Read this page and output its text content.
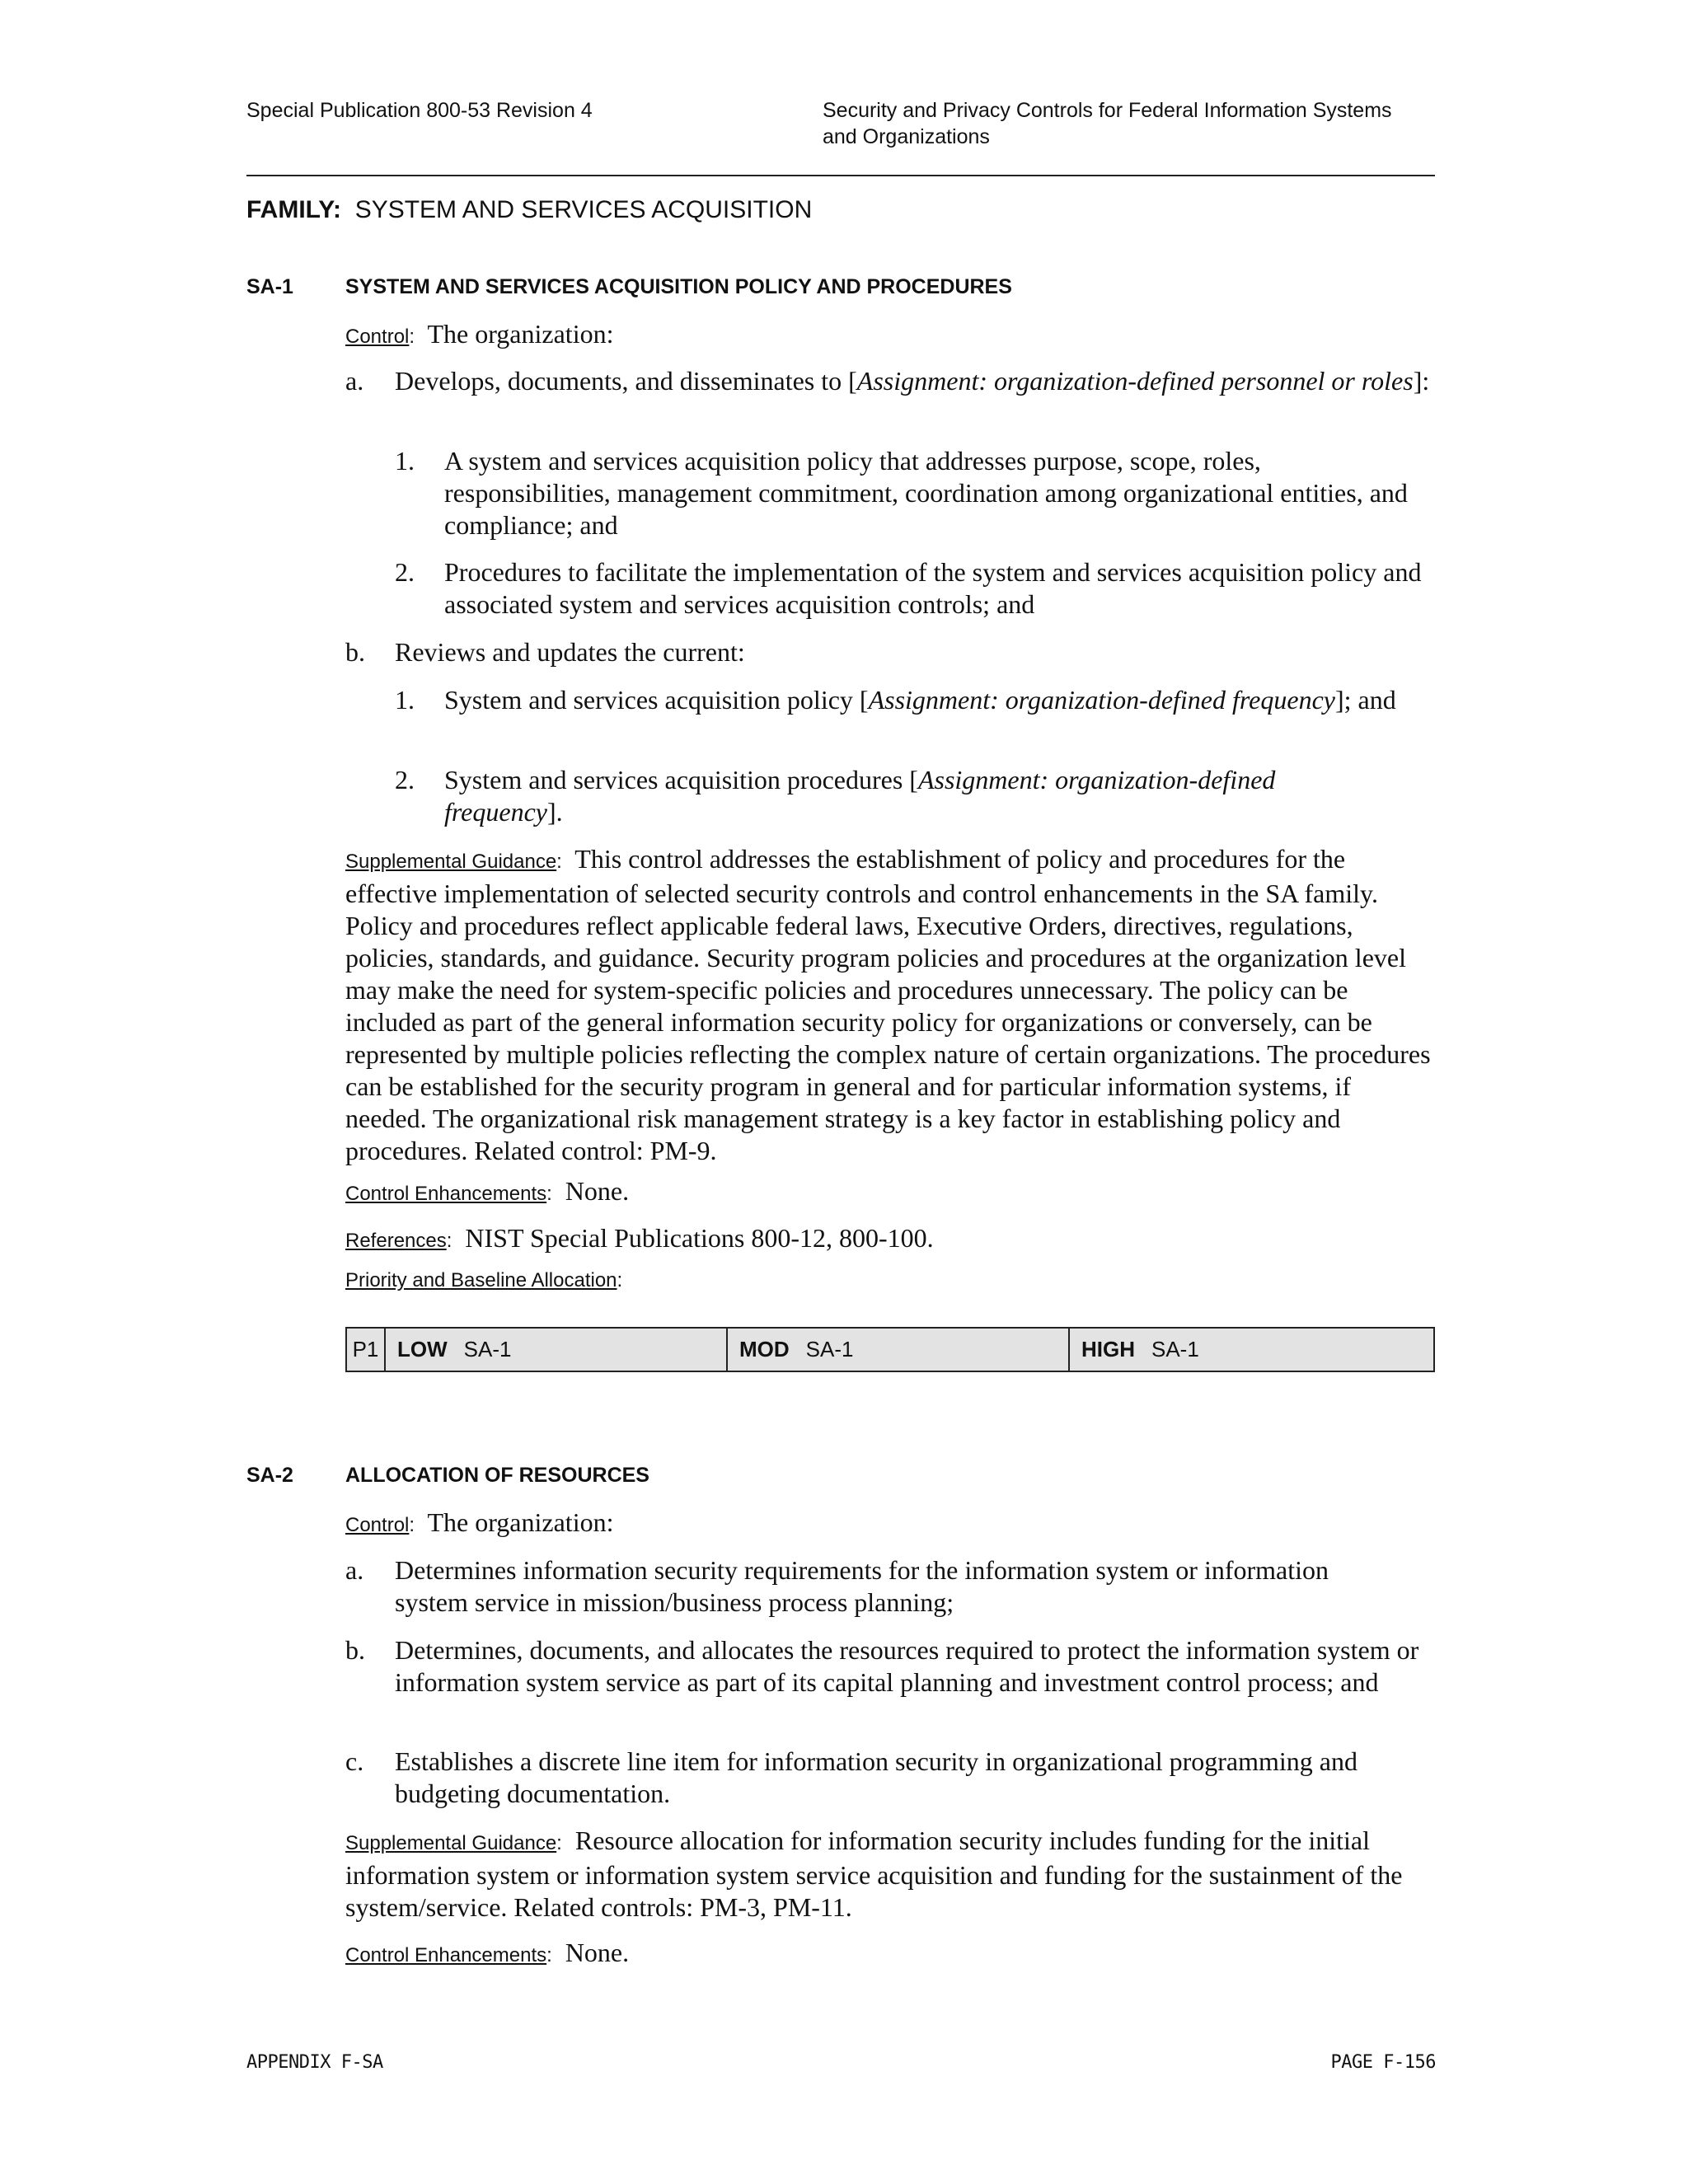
Special Publication 800-53 Revision 4	Security and Privacy Controls for Federal Information Systems
and Organizations
FAMILY: SYSTEM AND SERVICES ACQUISITION
SA-1	SYSTEM AND SERVICES ACQUISITION POLICY AND PROCEDURES
Control: The organization:
a. Develops, documents, and disseminates to [Assignment: organization-defined personnel or roles]:
1. A system and services acquisition policy that addresses purpose, scope, roles, responsibilities, management commitment, coordination among organizational entities, and compliance; and
2. Procedures to facilitate the implementation of the system and services acquisition policy and associated system and services acquisition controls; and
b. Reviews and updates the current:
1. System and services acquisition policy [Assignment: organization-defined frequency]; and
2. System and services acquisition procedures [Assignment: organization-defined frequency].
Supplemental Guidance: This control addresses the establishment of policy and procedures for the effective implementation of selected security controls and control enhancements in the SA family. Policy and procedures reflect applicable federal laws, Executive Orders, directives, regulations, policies, standards, and guidance. Security program policies and procedures at the organization level may make the need for system-specific policies and procedures unnecessary. The policy can be included as part of the general information security policy for organizations or conversely, can be represented by multiple policies reflecting the complex nature of certain organizations. The procedures can be established for the security program in general and for particular information systems, if needed. The organizational risk management strategy is a key factor in establishing policy and procedures. Related control: PM-9.
Control Enhancements: None.
References: NIST Special Publications 800-12, 800-100.
Priority and Baseline Allocation:
P1	LOW SA-1	MOD SA-1	HIGH SA-1
SA-2	ALLOCATION OF RESOURCES
Control: The organization:
a. Determines information security requirements for the information system or information system service in mission/business process planning;
b. Determines, documents, and allocates the resources required to protect the information system or information system service as part of its capital planning and investment control process; and
c. Establishes a discrete line item for information security in organizational programming and budgeting documentation.
Supplemental Guidance: Resource allocation for information security includes funding for the initial information system or information system service acquisition and funding for the sustainment of the system/service. Related controls: PM-3, PM-11.
Control Enhancements: None.
APPENDIX F-SA	PAGE F-156
